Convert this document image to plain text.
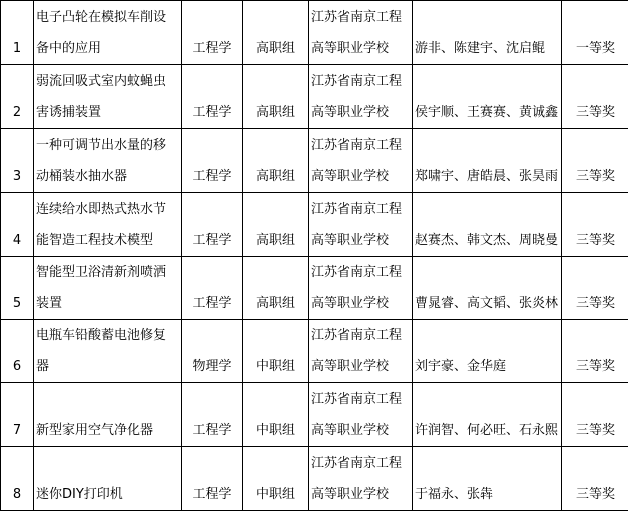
1	电子凸轮在模拟车削设
备中的应用	工程学	高职组	江苏省南京工程
高等职业学校	游非、陈建宇、沈启鲲	一等奖
2	弱流回吸式室内蚊蝇虫
害诱捕装置	工程学	高职组	江苏省南京工程
高等职业学校	侯宇顺、王赛赛、黄诚鑫	三等奖
3	一种可调节出水量的移
动桶装水抽水器	工程学	高职组	江苏省南京工程
高等职业学校	郑啸宇、唐皓晨、张昊雨	三等奖
4	连续给水即热式热水节
能智造工程技术模型	工程学	高职组	江苏省南京工程
高等职业学校	赵赛杰、韩文杰、周晓曼	三等奖
5	智能型卫浴清新剂喷洒
装置	工程学	高职组	江苏省南京工程
高等职业学校	曹晁睿、高文韬、张炎林	三等奖
6	电瓶车铅酸蓄电池修复
器	物理学	中职组	江苏省南京工程
高等职业学校	刘宇豪、金华庭	三等奖
7	新型家用空气净化器	工程学	中职组	江苏省南京工程
高等职业学校	许润智、何必旺、石永熙	三等奖
8	迷你DIY打印机	工程学	中职组	江苏省南京工程
高等职业学校	于福永、张犇	三等奖
